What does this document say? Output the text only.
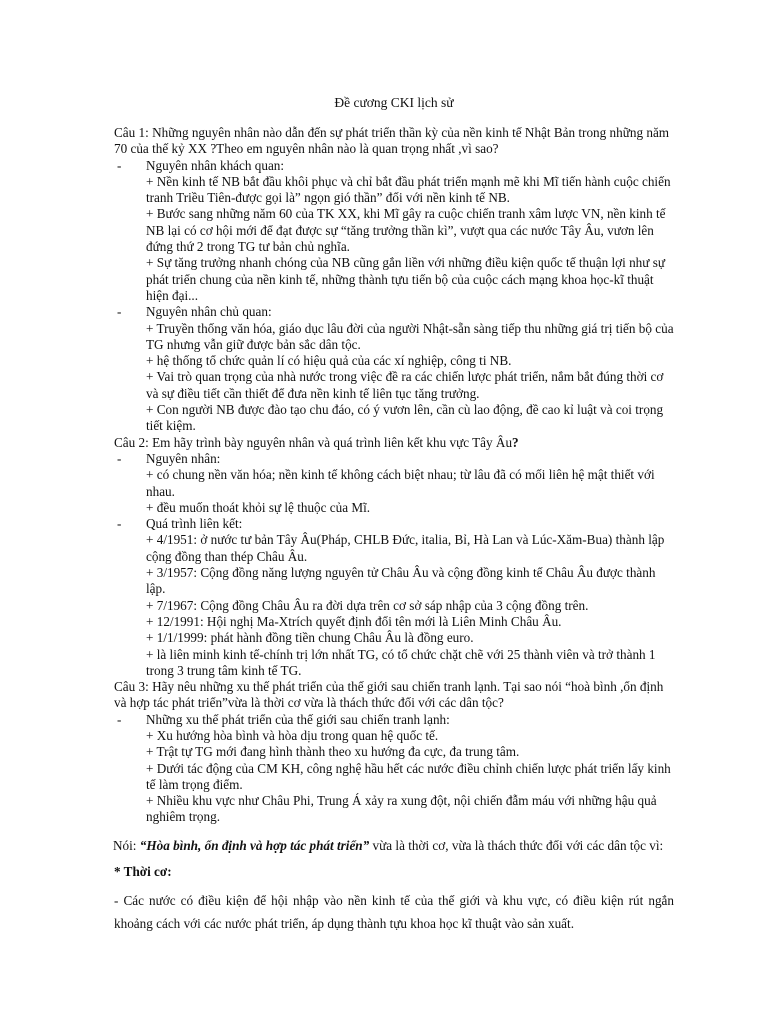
Đề cương CKI lịch sử

Câu 1: Những nguyên nhân nào dẫn đến sự phát triển thần kỳ của nền kinh tế Nhật Bản trong những năm 70 của thế kỷ XX ?Theo em nguyên nhân nào là quan trọng nhất ,vì sao?

- Nguyên nhân khách quan:

+ Nền kinh tế NB bắt đầu khôi phục và chỉ bắt đầu phát triển mạnh mẽ khi Mĩ tiến hành cuộc chiến tranh Triều Tiên-được gọi là” ngọn gió thần” đối với nền kinh tế NB.

+ Bước sang những năm 60 của TK XX, khi Mĩ gây ra cuộc chiến tranh xâm lược VN, nền kinh tế NB lại có cơ hội mới để đạt được sự “tăng trưởng thần kì”, vượt qua các nước Tây Âu, vươn lên đứng thứ 2 trong TG tư bản chủ nghĩa.

+ Sự tăng trưởng nhanh chóng của NB cũng gắn liền với những điều kiện quốc tế thuận lợi như sự phát triển chung của nền kinh tế, những thành tựu tiến bộ của cuộc cách mạng khoa học-kĩ thuật hiện đại...

- Nguyên nhân chủ quan:

+ Truyền thống văn hóa, giáo dục lâu đời của người Nhật-sẵn sàng tiếp thu những giá trị tiến bộ của TG nhưng vẫn giữ được bản sắc dân tộc.

+ hệ thống tổ chức quản lí có hiệu quả của các xí nghiệp, công ti NB.

+ Vai trò quan trọng của nhà nước trong việc đề ra các chiến lược phát triển, nắm bắt đúng thời cơ và sự điều tiết cần thiết để đưa nền kinh tế liên tục tăng trưởng.

+ Con người NB được đào tạo chu đáo, có ý vươn lên, cần cù lao động, đề cao kỉ luật và coi trọng tiết kiệm.

Câu 2: Em hãy trình bày nguyên nhân và quá trình liên kết khu vực Tây Âu?

- Nguyên nhân:

+ có chung nền văn hóa; nền kinh tế không cách biệt nhau; từ lâu đã có mối liên hệ mật thiết với nhau.

+ đều muốn thoát khỏi sự lệ thuộc của Mĩ.

- Quá trình liên kết:

+ 4/1951: ở nước tư bản Tây Âu(Pháp, CHLB Đức, italia, Bỉ, Hà Lan và Lúc-Xăm-Bua) thành lập cộng đồng than thép Châu Âu.

+ 3/1957: Cộng đồng năng lượng nguyên tử Châu Âu và cộng đồng kinh tế Châu Âu được thành lập.

+ 7/1967: Cộng đồng Châu Âu ra đời dựa trên cơ sở sáp nhập của 3 cộng đồng trên.

+ 12/1991: Hội nghị Ma-Xtrích quyết định đổi tên mới là Liên Minh Châu Âu.

+ 1/1/1999: phát hành đồng tiền chung Châu Âu là đồng euro.

+ là liên minh kinh tế-chính trị lớn nhất TG, có tổ chức chặt chẽ với 25 thành viên và trở thành 1 trong 3 trung tâm kinh tế TG.

Câu 3: Hãy nêu những xu thế phát triển của thế giới sau chiến tranh lạnh. Tại sao nói “hoà bình ,ổn định và hợp tác phát triển”vừa là thời cơ vừa là thách thức đối với các dân tộc?

- Những xu thế phát triển của thế giới sau chiến tranh lạnh:

+ Xu hướng hòa bình và hòa dịu trong quan hệ quốc tế.

+ Trật tự TG mới đang hình thành theo xu hướng đa cực, đa trung tâm.

+ Dưới tác động của CM KH, công nghệ hầu hết các nước điều chỉnh chiến lược phát triển lấy kinh tế làm trọng điểm.

+ Nhiều khu vực như Châu Phi, Trung Á xảy ra xung đột, nội chiến đẫm máu với những hậu quả nghiêm trọng.

Nói: “Hòa bình, ổn định và hợp tác phát triển” vừa là thời cơ, vừa là thách thức đối với các dân tộc vì:

* Thời cơ:

- Các nước có điều kiện để hội nhập vào nền kinh tế của thế giới và khu vực, có điều kiện rút ngắn khoảng cách với các nước phát triển, áp dụng thành tựu khoa học kĩ thuật vào sản xuất.
